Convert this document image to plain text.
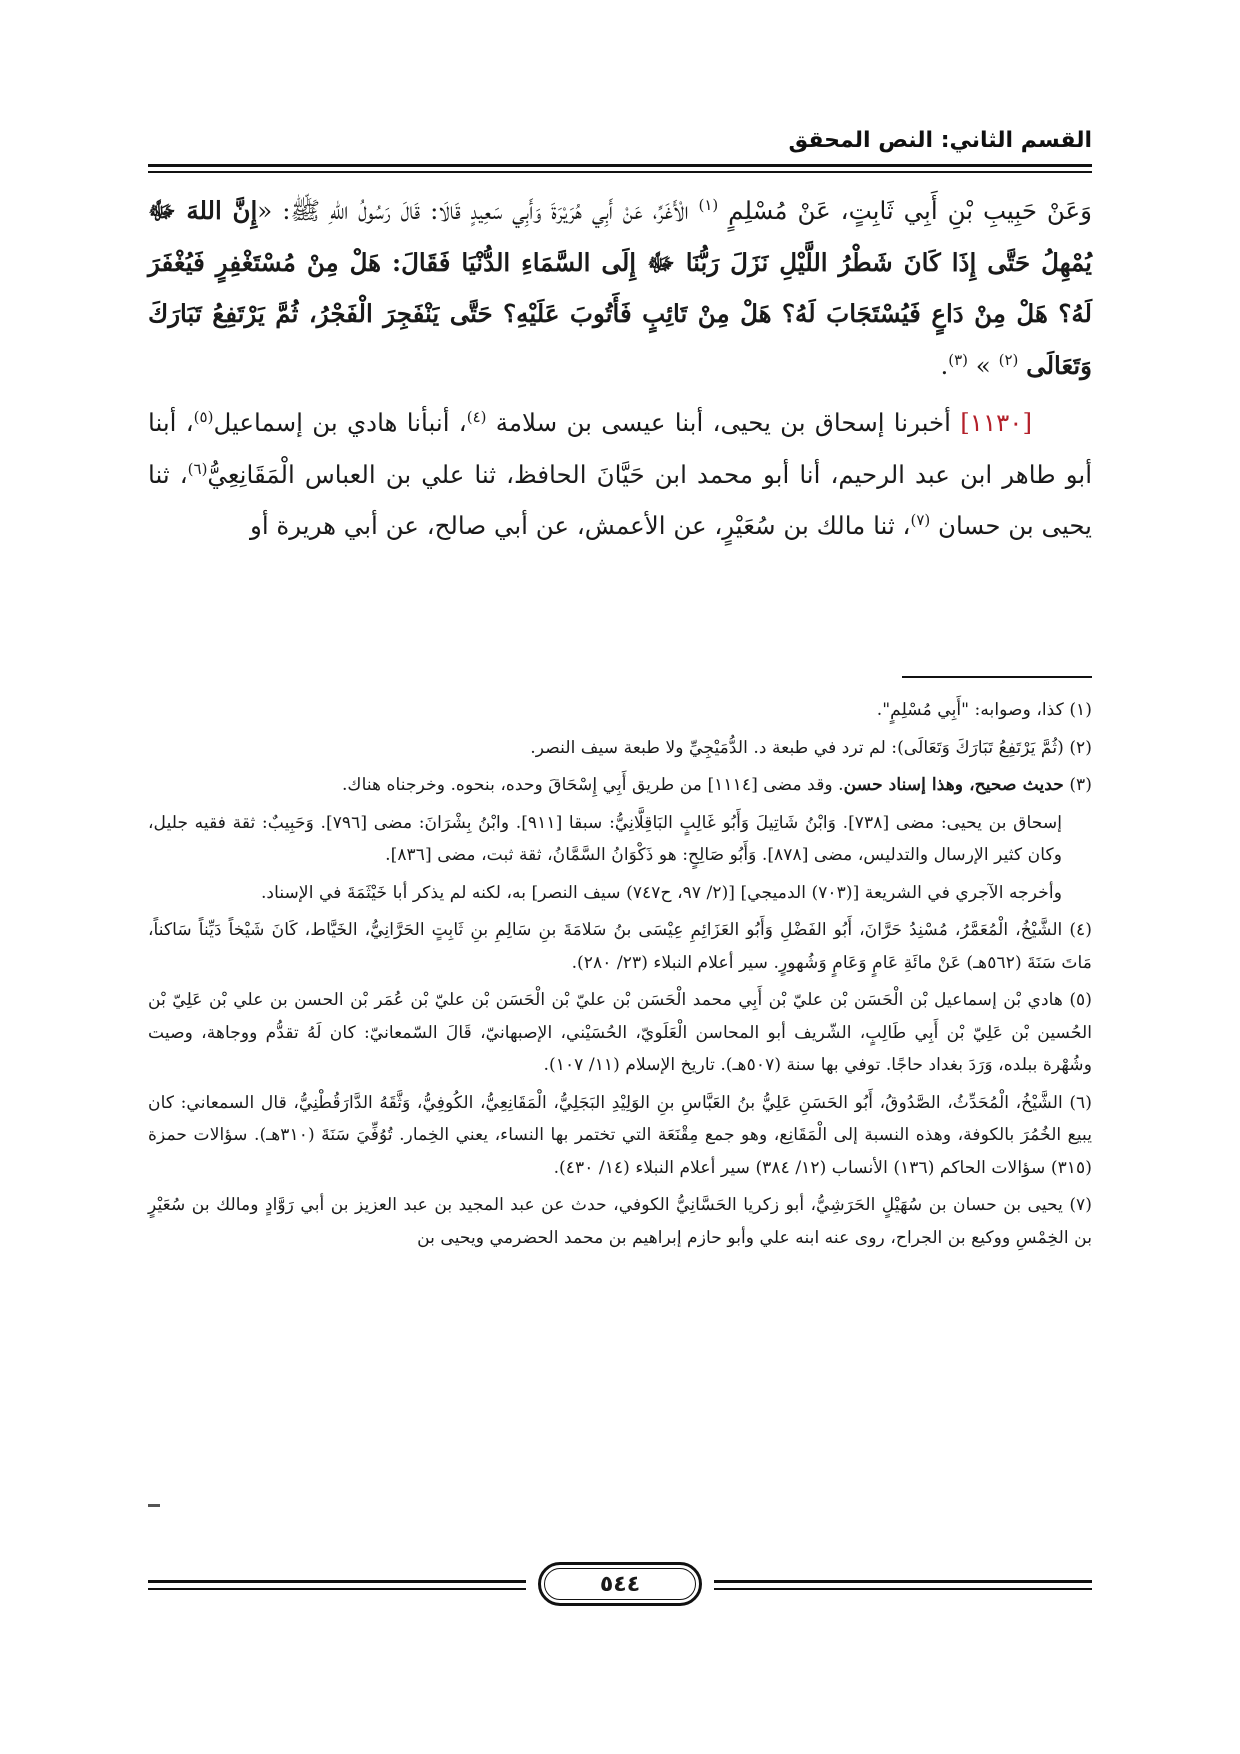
القسم الثاني: النص المحقق

وَعَنْ حَبِيبِ بْنِ أَبِي ثَابِتٍ، عَنْ مُسْلِمٍ $^{(١)}$ الْأَغَرِّ، عَنْ أَبِي هُرَيْرَةَ وَأَبِي سَعِيدٍ قَالَا: قَالَ رَسُولُ اللهِ ﷺ: «إِنَّ اللهَ ﷻ يُمْهِلُ حَتَّى إِذَا كَانَ شَطْرُ اللَّيْلِ نَزَلَ رَبُّنَا ﷻ إِلَى السَّمَاءِ الدُّنْيَا فَقَالَ: هَلْ مِنْ مُسْتَغْفِرٍ فَيُغْفَرَ لَهُ؟ هَلْ مِنْ دَاعٍ فَيُسْتَجَابَ لَهُ؟ هَلْ مِنْ تَائِبٍ فَأَتُوبَ عَلَيْهِ؟ حَتَّى يَنْفَجِرَ الْفَجْرُ، ثُمَّ يَرْتَفِعُ تَبَارَكَ وَتَعَالَى $^{(٢)}$ » $^{(٣)}$.

[١١٣٠] أخبرنا إسحاق بن يحيى، أبنا عيسى بن سلامة $^{(٤)}$، أنبأنا هادي بن إسماعيل$^{(٥)}$، أبنا أبو طاهر ابن عبد الرحيم، أنا أبو محمد ابن حَيَّانَ الحافظ، ثنا علي بن العباس الْمَقَانِعِيُّ$^{(٦)}$، ثنا يحيى بن حسان $^{(٧)}$، ثنا مالك بن سُعَيْرٍ، عن الأعمش، عن أبي صالح، عن أبي هريرة أو

(١) كذا، وصوابه: "أَبِي مُسْلِمٍ".

(٢) (ثُمَّ يَرْتَفِعُ تَبَارَكَ وَتَعَالَى): لم ترد في طبعة د. الدُّمَيْجِيِّ ولا طبعة سيف النصر.

(٣) حديث صحيح، وهذا إسناد حسن. وقد مضى [١١١٤] من طريق أَبِي إِسْحَاقَ وحده، بنحوه. وخرجناه هناك.

إسحاق بن يحيى: مضى [٧٣٨]. وَابْنُ شَاتِيلَ وَأَبُو غَالِبٍ البَاقِلَّانِيُّ: سبقا [٩١١]. وابْنُ بِشْرَانَ: مضى [٧٩٦]. وَحَبِيبٌ: ثقة فقيه جليل، وكان كثير الإرسال والتدليس، مضى [٨٧٨]. وَأَبُو صَالِحٍ: هو ذَكْوَانُ السَّمَّانُ، ثقة ثبت، مضى [٨٣٦].

وأخرجه الآجري في الشريعة [(٧٠٣) الدميجي] [(٢/ ٩٧، ح٧٤٧) سيف النصر] به، لكنه لم يذكر أبا خَيْثَمَةَ في الإسناد.

(٤) الشَّيْخُ، الْمُعَمَّرُ، مُسْنِدُ حَرَّانَ، أَبُو الفَضْلِ وَأَبُو العَزَائِمِ عِيْسَى بنُ سَلامَةَ بنِ سَالِمِ بنِ ثَابِتٍ الحَرَّانِيُّ، الخَيَّاط، كَانَ شَيْخاً دَيِّناً سَاكناً، مَاتَ سَنَةَ (٥٦٢هـ) عَنْ مائَةِ عَامٍ وَعَامٍ وَشُهورٍ. سير أعلام النبلاء (٢٣/ ٢٨٠).

(٥) هادي بْن إسماعيل بْن الْحَسَن بْن عليّ بْن أَبِي محمد الْحَسَن بْن عليّ بْن الْحَسَن بْن عليّ بْن عُمَر بْن الحسن بن علي بْن عَلِيّ بْن الحُسين بْن عَلِيّ بْن أَبِي طَالِبٍ، الشّريف أبو المحاسن الْعَلَويّ، الحُسَيْني، الإصبهانيّ، قَالَ السّمعانيّ: كان لَهُ تقدُّم ووجاهة، وصيت وشُهْرة ببلده، وَرَدَ بغداد حاجًا. توفي بها سنة (٥٠٧هـ). تاريخ الإسلام (١١/ ١٠٧).

(٦) الشَّيْخُ، الْمُحَدِّثُ، الصَّدُوقُ، أَبُو الحَسَنِ عَلِيُّ بنُ العَبَّاسِ بنِ الوَلِيْدِ البَجَلِيُّ، الْمَقَانِعِيُّ، الكُوفِيُّ، وَثَّقَهُ الدَّارَقُطْنِيُّ، قال السمعاني: كان يبيع الخُمُرَ بالكوفة، وهذه النسبة إلى الْمَقَانِع، وهو جمع مِقْنَعَة التي تختمر بها النساء، يعني الخِمار. تُوُفِّيَ سَنَةَ (٣١٠هـ). سؤالات حمزة (٣١٥) سؤالات الحاكم (١٣٦) الأنساب (١٢/ ٣٨٤) سير أعلام النبلاء (١٤/ ٤٣٠).

(٧) يحيى بن حسان بن سُهَيْلٍ الحَرَشِيُّ، أبو زكريا الحَسَّانِيُّ الكوفي، حدث عن عبد المجيد بن عبد العزيز بن أبي رَوَّادٍ ومالك بن سُعَيْرٍ بن الخِمْسِ ووكيع بن الجراح، روى عنه ابنه علي وأبو حازم إبراهيم بن محمد الحضرمي ويحيى بن

٥٤٤
